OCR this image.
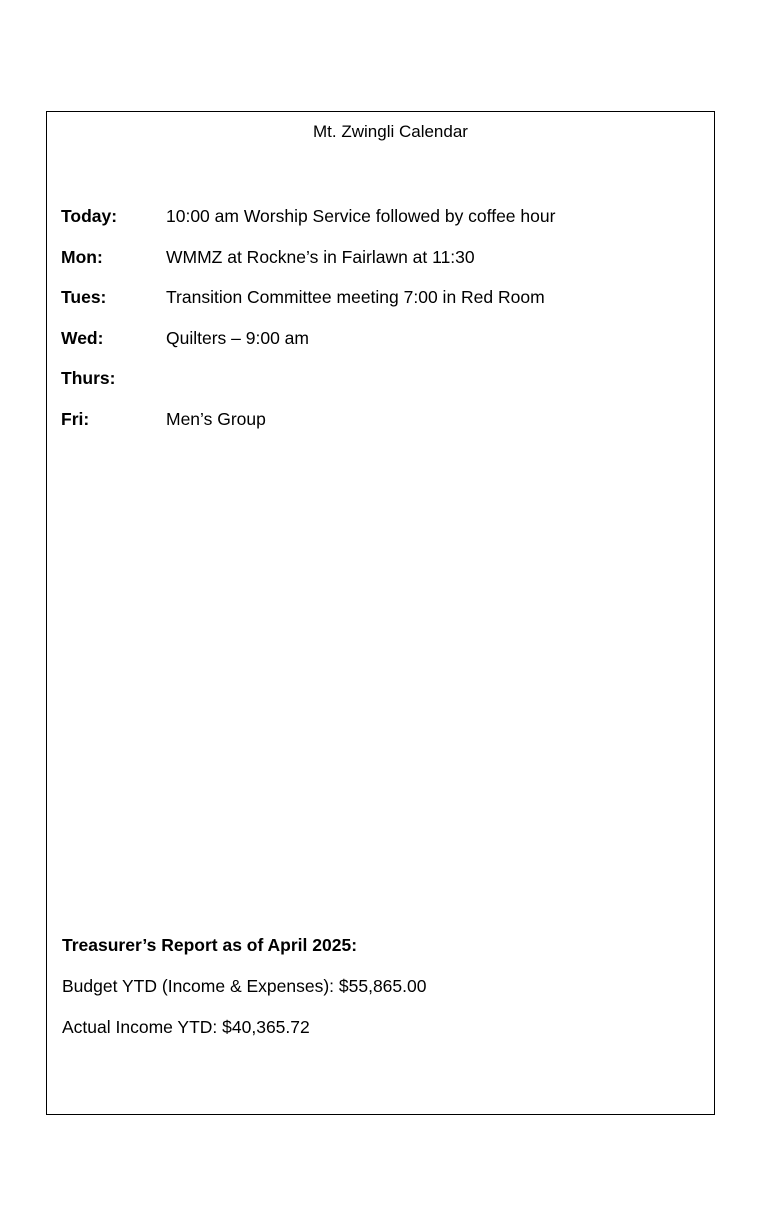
Mt. Zwingli Calendar
Today:	10:00 am Worship Service followed by coffee hour
Mon:	WMMZ at Rockne’s in Fairlawn at 11:30
Tues:	Transition Committee meeting 7:00 in Red Room
Wed:	Quilters – 9:00 am
Thurs:
Fri:	Men’s Group
Treasurer’s Report as of April 2025:
Budget YTD (Income & Expenses): $55,865.00
Actual Income YTD: $40,365.72
